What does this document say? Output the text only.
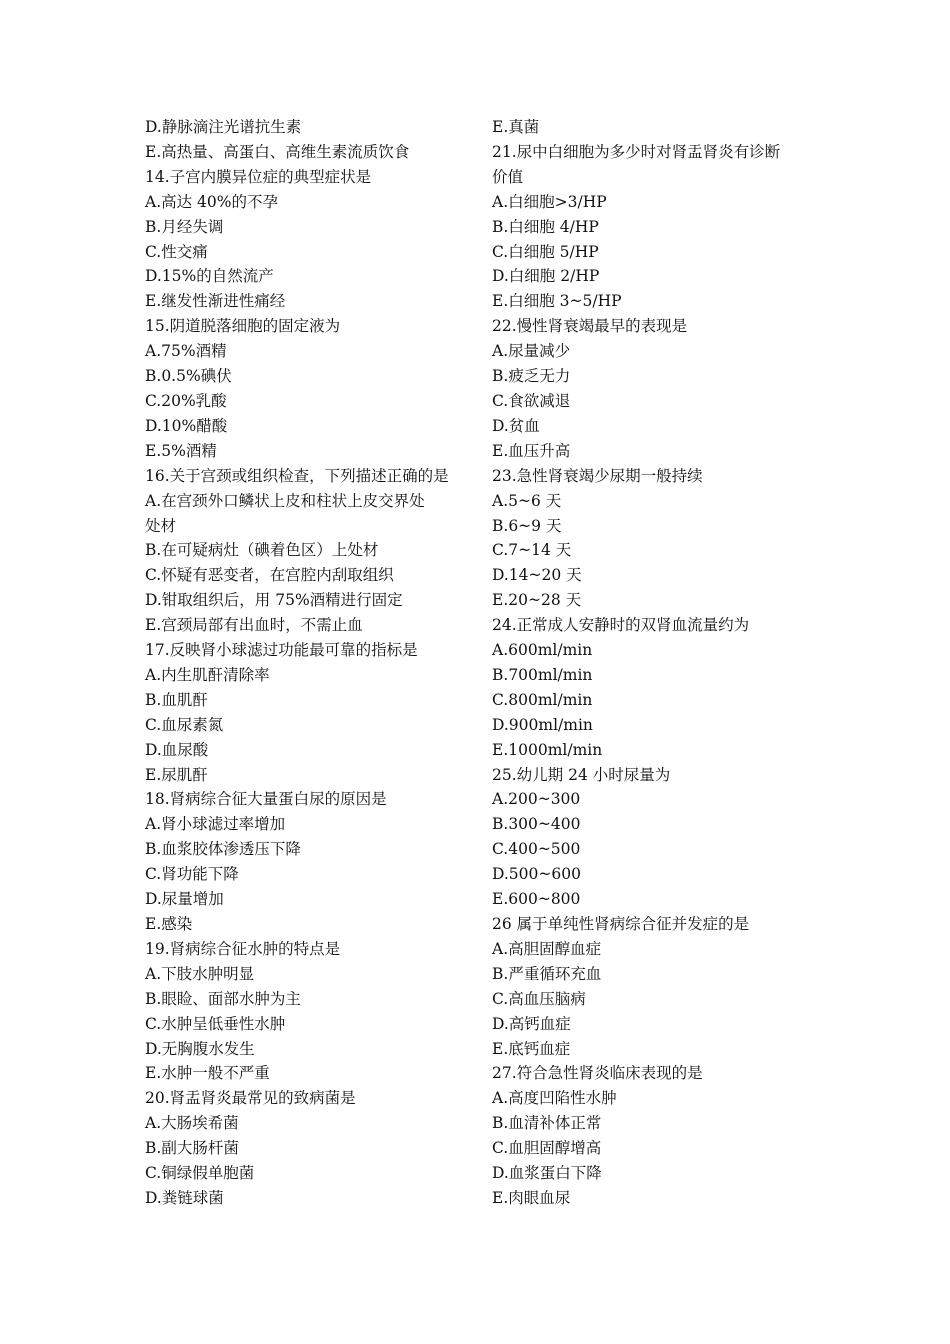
D.静脉滴注光谱抗生素
E.高热量、高蛋白、高维生素流质饮食
14.子宫内膜异位症的典型症状是
A.高达 40%的不孕
B.月经失调
C.性交痛
D.15%的自然流产
E.继发性渐进性痛经
15.阴道脱落细胞的固定液为
A.75%酒精
B.0.5%碘伏
C.20%乳酸
D.10%醋酸
E.5%酒精
16.关于宫颈或组织检查，下列描述正确的是
A.在宫颈外口鳞状上皮和柱状上皮交界处
处材
B.在可疑病灶（碘着色区）上处材
C.怀疑有恶变者，在宫腔内刮取组织
D.钳取组织后，用 75%酒精进行固定
E.宫颈局部有出血时，不需止血
17.反映肾小球滤过功能最可靠的指标是
A.内生肌酐清除率
B.血肌酐
C.血尿素氮
D.血尿酸
E.尿肌酐
18.肾病综合征大量蛋白尿的原因是
A.肾小球滤过率增加
B.血浆胶体渗透压下降
C.肾功能下降
D.尿量增加
E.感染
19.肾病综合征水肿的特点是
A.下肢水肿明显
B.眼睑、面部水肿为主
C.水肿呈低垂性水肿
D.无胸腹水发生
E.水肿一般不严重
20.肾盂肾炎最常见的致病菌是
A.大肠埃希菌
B.副大肠杆菌
C.铜绿假单胞菌
D.粪链球菌
E.真菌
21.尿中白细胞为多少时对肾盂肾炎有诊断
价值
A.白细胞>3/HP
B.白细胞 4/HP
C.白细胞 5/HP
D.白细胞 2/HP
E.白细胞 3~5/HP
22.慢性肾衰竭最早的表现是
A.尿量减少
B.疲乏无力
C.食欲减退
D.贫血
E.血压升高
23.急性肾衰竭少尿期一般持续
A.5~6 天
B.6~9 天
C.7~14 天
D.14~20 天
E.20~28 天
24.正常成人安静时的双肾血流量约为
A.600ml/min
B.700ml/min
C.800ml/min
D.900ml/min
E.1000ml/min
25.幼儿期 24 小时尿量为
A.200~300
B.300~400
C.400~500
D.500~600
E.600~800
26 属于单纯性肾病综合征并发症的是
A.高胆固醇血症
B.严重循环充血
C.高血压脑病
D.高钙血症
E.底钙血症
27.符合急性肾炎临床表现的是
A.高度凹陷性水肿
B.血清补体正常
C.血胆固醇增高
D.血浆蛋白下降
E.肉眼血尿
